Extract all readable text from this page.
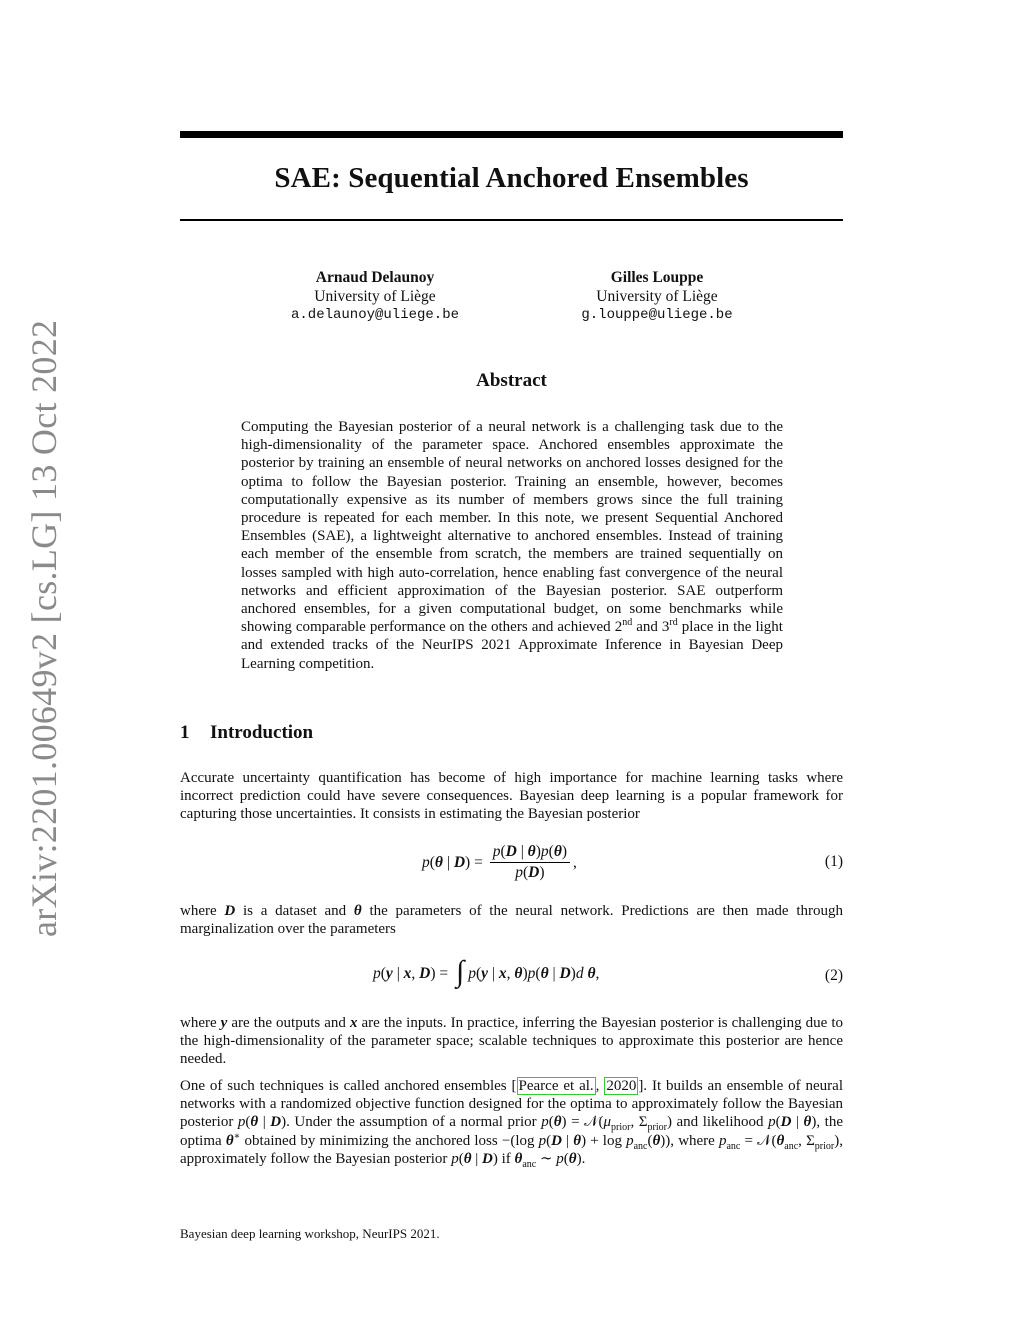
arXiv:2201.00649v2 [cs.LG] 13 Oct 2022
SAE: Sequential Anchored Ensembles
Arnaud Delaunoy
University of Liège
a.delaunoy@uliege.be
Gilles Louppe
University of Liège
g.louppe@uliege.be
Abstract
Computing the Bayesian posterior of a neural network is a challenging task due to the high-dimensionality of the parameter space. Anchored ensembles approximate the posterior by training an ensemble of neural networks on anchored losses designed for the optima to follow the Bayesian posterior. Training an ensemble, however, becomes computationally expensive as its number of members grows since the full training procedure is repeated for each member. In this note, we present Sequential Anchored Ensembles (SAE), a lightweight alternative to anchored ensembles. Instead of training each member of the ensemble from scratch, the members are trained sequentially on losses sampled with high auto-correlation, hence enabling fast convergence of the neural networks and efficient approximation of the Bayesian posterior. SAE outperform anchored ensembles, for a given computational budget, on some benchmarks while showing comparable performance on the others and achieved 2nd and 3rd place in the light and extended tracks of the NeurIPS 2021 Approximate Inference in Bayesian Deep Learning competition.
1 Introduction
Accurate uncertainty quantification has become of high importance for machine learning tasks where incorrect prediction could have severe consequences. Bayesian deep learning is a popular framework for capturing those uncertainties. It consists in estimating the Bayesian posterior
p ( θ | D ) = $\frac{p(D | \theta)p(\theta)}{p(D)}$ ,	(1)
where D is a dataset and θ the parameters of the neural network. Predictions are then made through marginalization over the parameters
p ( y | x , D ) = ∫ p ( y | x , θ ) p ( θ | D ) d
θ ,	(2)
where y are the outputs and x are the inputs. In practice, inferring the Bayesian posterior is challenging due to the high-dimensionality of the parameter space; scalable techniques to approximate this posterior are hence needed.
One of such techniques is called anchored ensembles [ Pearce et al. , 2020 ]. It builds an ensemble of neural networks with a randomized objective function designed for the optima to approximately follow the Bayesian posterior p(θ | D). Under the assumption of a normal prior $p(\theta) = 𝒩(\mu_{prior}$, $\Sigma_{prior}$) and likelihood p(D | θ), the optima θ∗ obtained by minimizing the anchored loss −(log p(D | $\theta) + \log p_{anc}(\theta)$), where $p_{anc}$ = $𝒩(\theta_{anc}$, $\Sigma_{prior}$), approximately follow the Bayesian posterior p(θ | D) if $\theta_{anc}$ ∼ p(θ).
Bayesian deep learning workshop, NeurIPS 2021.
